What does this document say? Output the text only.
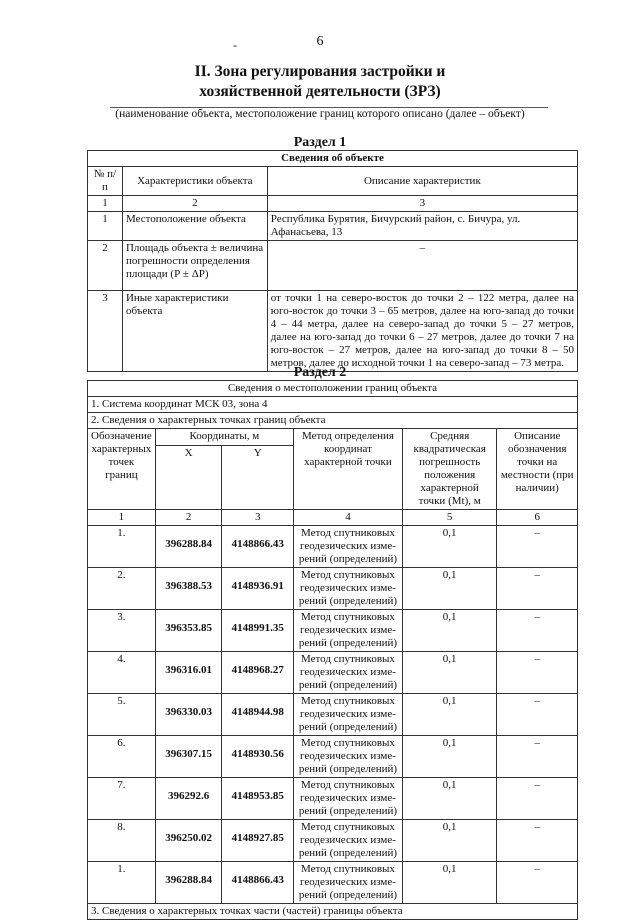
6
-
II. Зона регулирования застройки и
хозяйственной деятельности (ЗРЗ)
(наименование объекта, местоположение границ которого описано (далее – объект)
Раздел 1
Сведения об объекте		
№ п/п	Характеристики объекта	Описание характеристик
1	2	3
1	Местоположение объекта	Республика Бурятия, Бичурский район, с. Бичура, ул. Афанасьева, 13
2	Площадь объекта ± величина погрешности определения площади (Р ± ΔР)	–
3	Иные характеристики объекта	от точки 1 на северо-восток до точки 2 – 122 метра, далее на юго-восток до точки 3 – 65 метров, далее на юго-запад до точки 4 – 44 метра, далее на северо-запад до точки 5 – 27 метров, далее на юго-запад до точки 6 – 27 метров, далее до точки 7 на юго-восток – 27 метров, далее на юго-запад до точки 8 – 50 метров, далее до исходной точки 1 на северо-запад – 73 метра.
Раздел 2
Сведения о местоположении границ объекта					
1. Система координат МСК 03, зона 4					
2. Сведения о характерных точках границ объекта					
Обозначение характерных точек границ	Координаты, м		Метод определения координат характерной точки	Средняя квадратическая погрешность положения характерной точки (Мt), м	Описание обозначения точки на местности (при наличии)
	X	Y			
1	2	3	4	5	6
1.	396288.84	4148866.43	Метод спутниковых геодезических изме-рений (определений)	0,1	–
2.	396388.53	4148936.91	Метод спутниковых геодезических изме-рений (определений)	0,1	–
3.	396353.85	4148991.35	Метод спутниковых геодезических изме-рений (определений)	0,1	–
4.	396316.01	4148968.27	Метод спутниковых геодезических изме-рений (определений)	0,1	–
5.	396330.03	4148944.98	Метод спутниковых геодезических изме-рений (определений)	0,1	–
6.	396307.15	4148930.56	Метод спутниковых геодезических изме-рений (определений)	0,1	–
7.	396292.6	4148953.85	Метод спутниковых геодезических изме-рений (определений)	0,1	–
8.	396250.02	4148927.85	Метод спутниковых геодезических изме-рений (определений)	0,1	–
1.	396288.84	4148866.43	Метод спутниковых геодезических изме-рений (определений)	0,1	–
3. Сведения о характерных точках части (частей) границы объекта					
